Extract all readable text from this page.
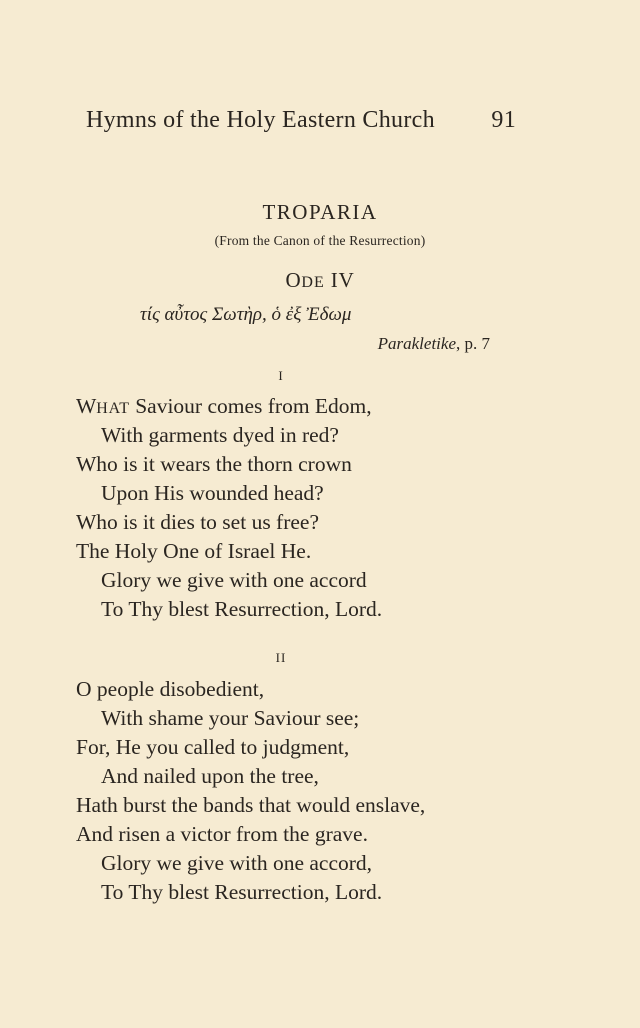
Hymns of the Holy Eastern Church 91
TROPARIA
(From the Canon of the Resurrection)
ODE IV
τίς αὖτος Σωτὴρ, ὁ ἐξ Ἐδωμ
Parakletike, p. 7
I
WHAT Saviour comes from Edom,
With garments dyed in red?
Who is it wears the thorn crown
Upon His wounded head?
Who is it dies to set us free?
The Holy One of Israel He.
Glory we give with one accord
To Thy blest Resurrection, Lord.
II
O people disobedient,
With shame your Saviour see;
For, He you called to judgment,
And nailed upon the tree,
Hath burst the bands that would enslave,
And risen a victor from the grave.
Glory we give with one accord,
To Thy blest Resurrection, Lord.
